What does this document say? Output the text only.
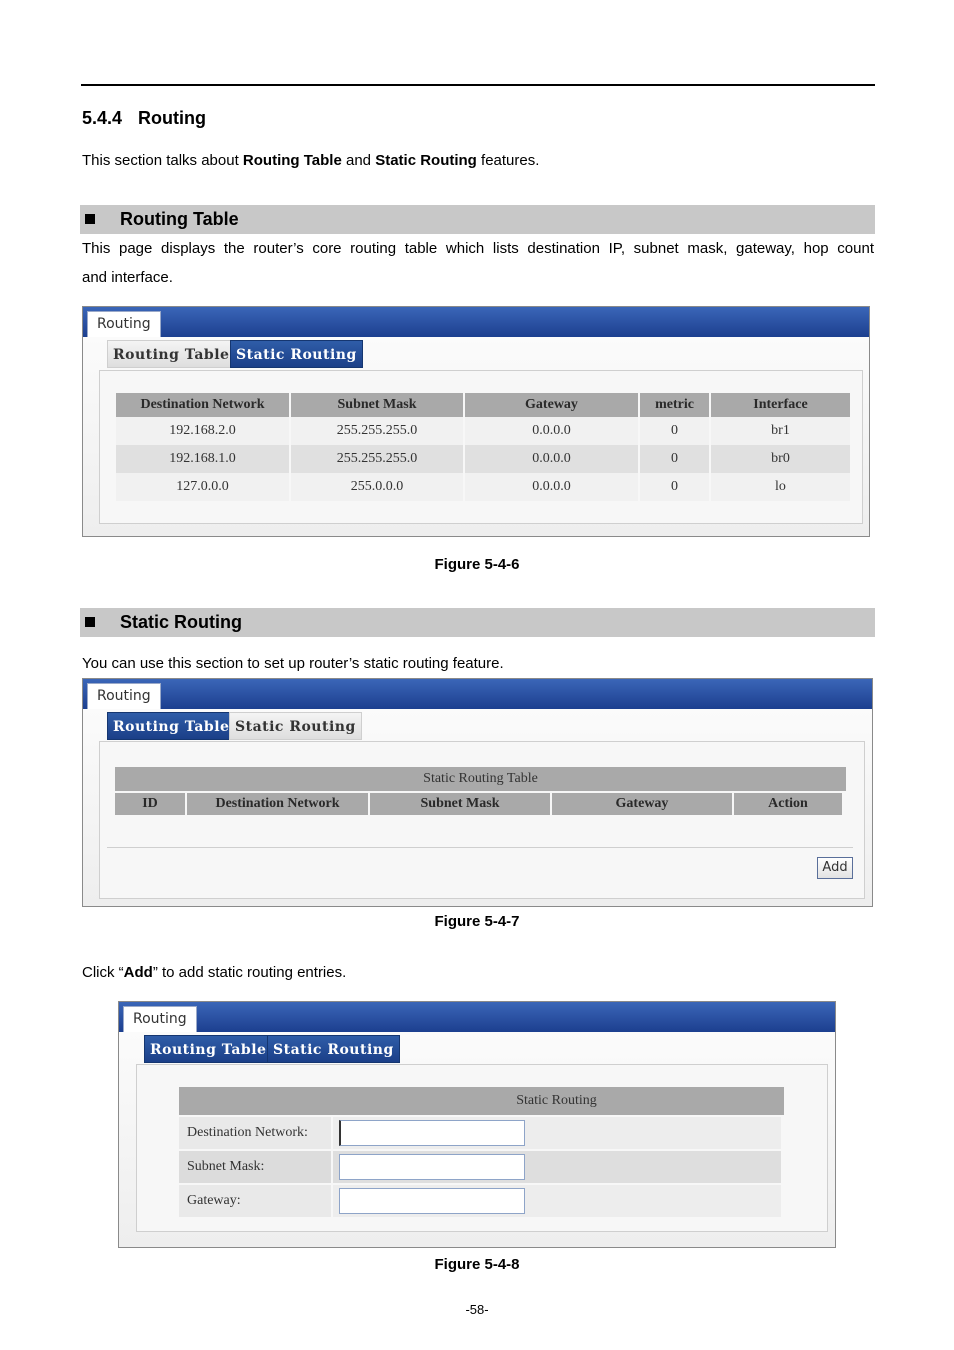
5.4.4 Routing
This section talks about Routing Table and Static Routing features.
Routing Table
This page displays the router’s core routing table which lists destination IP, subnet mask, gateway, hop count
and interface.
Routing
Routing Table Static Routing
Destination Network	Subnet Mask	Gateway	metric	Interface
192.168.2.0	255.255.255.0	0.0.0.0	0	br1
192.168.1.0	255.255.255.0	0.0.0.0	0	br0
127.0.0.0	255.0.0.0	0.0.0.0	0	lo
Figure 5-4-6
Static Routing
You can use this section to set up router’s static routing feature.
Routing
Routing Table Static Routing
Static Routing Table
ID	Destination Network	Subnet Mask	Gateway	Action
Add
Figure 5-4-7
Click “Add” to add static routing entries.
Routing
Routing Table Static Routing
Static Routing
Destination Network:
Subnet Mask:
Gateway:
Figure 5-4-8
-58-
